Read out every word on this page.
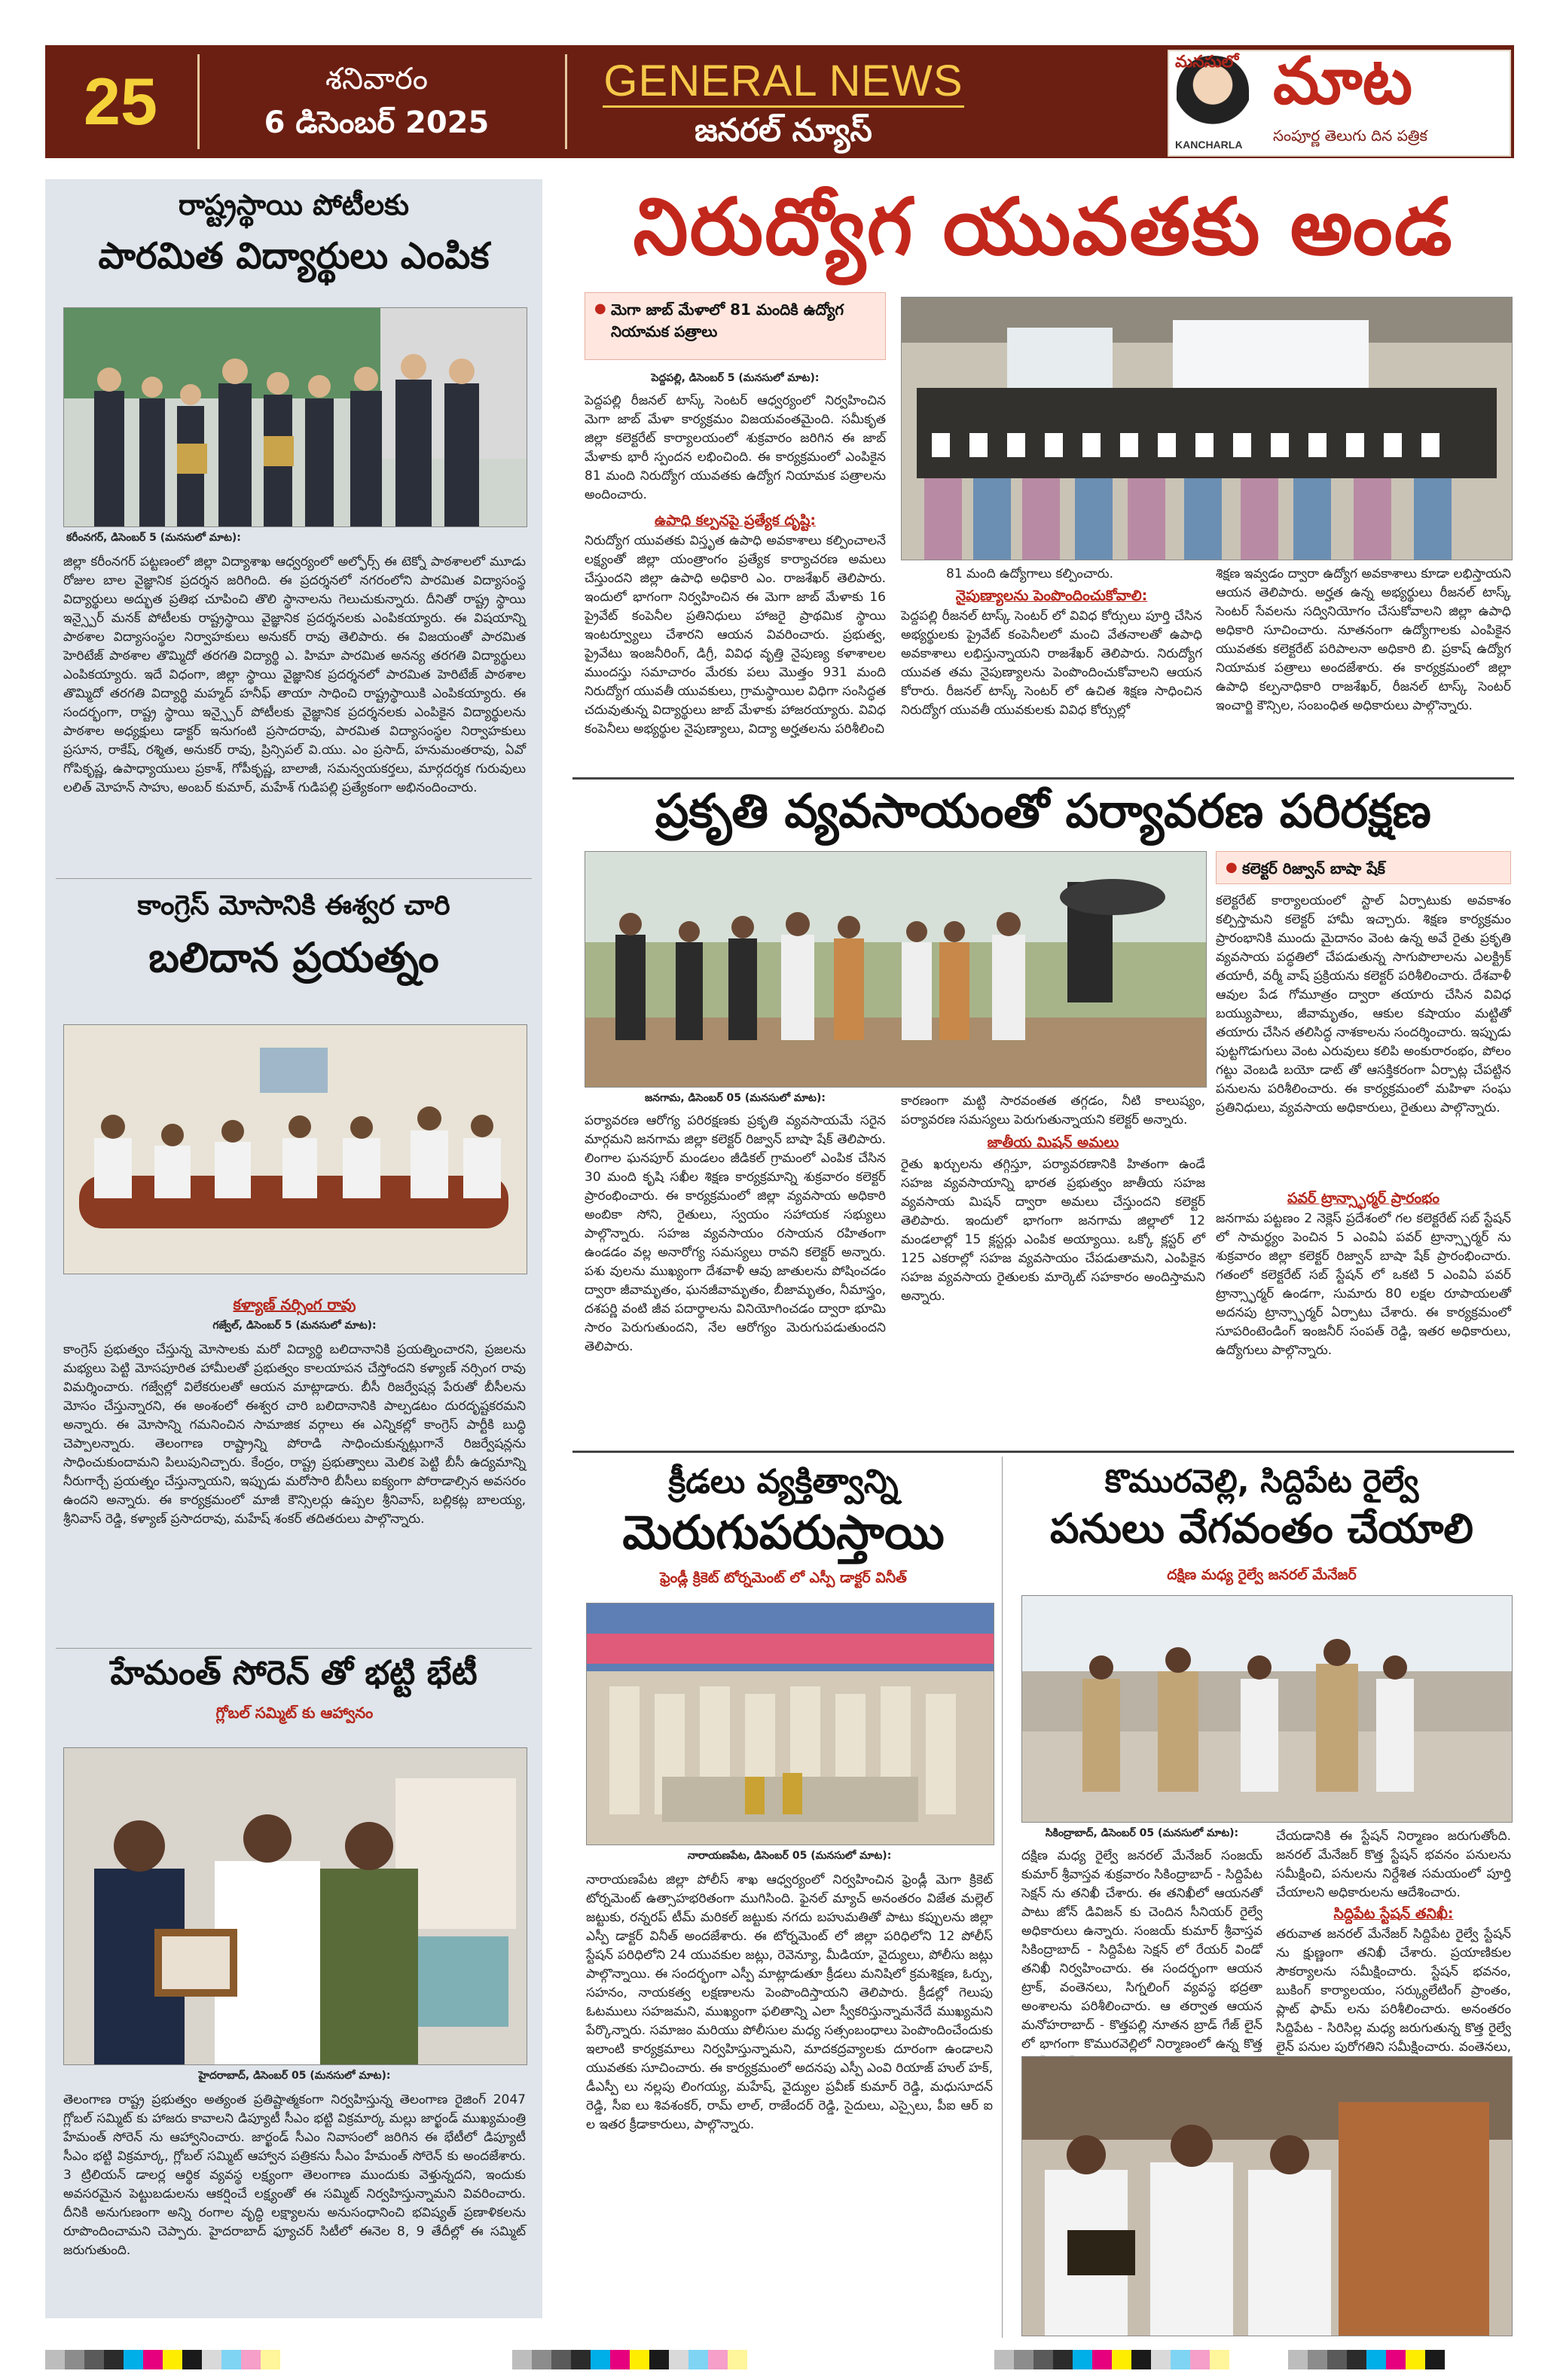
25	శనివారం
6 డిసెంబర్ 2025
GENERAL NEWS
జనరల్ న్యూస్
మనసులో మాట
KANCHARLA సంపూర్ణ తెలుగు దిన పత్రిక
రాష్ట్రస్థాయి పోటీలకు
పారమిత విద్యార్థులు ఎంపిక
కరీంనగర్, డిసెంబర్ 5 (మనసులో మాట):
జిల్లా కరీంనగర్ పట్టణంలో జిల్లా విద్యాశాఖ ఆధ్వర్యంలో అల్ఫోర్స్ ఈ టెక్నో పాఠశాలలో మూడు రోజుల బాల వైజ్ఞానిక ప్రదర్శన జరిగింది. ఈ ప్రదర్శనలో నగరంలోని పారమిత విద్యాసంస్థ విద్యార్థులు అద్భుత ప్రతిభ చూపించి తొలి స్థానాలను గెలుచుకున్నారు. దీనితో రాష్ట్ర స్థాయి ఇన్స్పైర్ మనక్ పోటీలకు రాష్ట్రస్థాయి వైజ్ఞానిక ప్రదర్శనలకు ఎంపికయ్యారు. ఈ విషయాన్ని పాఠశాల విద్యాసంస్థల నిర్వాహకులు అనుకర్ రావు తెలిపారు. ఈ విజయంతో పారమిత హెరిటేజ్ పాఠశాల తొమ్మిదో తరగతి విద్యార్థి ఎ. హిమా పారమిత అనన్య తరగతి విద్యార్థులు ఎంపికయ్యారు. ఇదే విధంగా, జిల్లా స్థాయి వైజ్ఞానిక ప్రదర్శనలో పారమిత హెరిటేజ్ పాఠశాల తొమ్మిదో తరగతి విద్యార్థి మహ్మద్ హనీఫ్ తాయా సాధించి రాష్ట్రస్థాయికి ఎంపికయ్యారు. ఈ సందర్భంగా, రాష్ట్ర స్థాయి ఇన్స్పైర్ పోటీలకు వైజ్ఞానిక ప్రదర్శనలకు ఎంపికైన విద్యార్థులను పాఠశాల అధ్యక్షులు డాక్టర్ ఇనుగంటి ప్రసాదరావు, పారమిత విద్యాసంస్థల నిర్వాహకులు ప్రసూన, రాకేష్, రశ్మిత, అనుకర్ రావు, ప్రిన్సిపల్ వి.యు. ఎం ప్రసాద్, హనుమంతరావు, ఏవో గోపికృష్ణ, ఉపాధ్యాయులు ప్రకాశ్, గోపీకృష్ణ, బాలాజీ, సమన్వయకర్తలు, మార్గదర్శక గురువులు లలిత్ మోహన్ సాహు, అంబర్ కుమార్, మహేశ్ గుడిపల్లి ప్రత్యేకంగా అభినందించారు.
కాంగ్రెస్ మోసానికి ఈశ్వర చారి
బలిదాన ప్రయత్నం
కళ్యాణ్ నర్సింగ రావు
గజ్వేల్, డిసెంబర్ 5 (మనసులో మాట):
కాంగ్రెస్ ప్రభుత్వం చేస్తున్న మోసాలకు మరో విద్యార్థి బలిదానానికి ప్రయత్నించారని, ప్రజలను మభ్యలు పెట్టి మోసపూరిత హామీలతో ప్రభుత్వం కాలయాపన చేస్తోందని కళ్యాణ్ నర్సింగ రావు విమర్శించారు. గజ్వేల్లో విలేకరులతో ఆయన మాట్లాడారు. బీసీ రిజర్వేషన్ల పేరుతో బీసీలను మోసం చేస్తున్నారని, ఈ అంశంలో ఈశ్వర చారి బలిదానానికి పాల్పడటం దురదృష్టకరమని అన్నారు. ఈ మోసాన్ని గమనించిన సామాజిక వర్గాలు ఈ ఎన్నికల్లో కాంగ్రెస్ పార్టీకి బుద్ధి చెప్పాలన్నారు. తెలంగాణ రాష్ట్రాన్ని పోరాడి సాధించుకున్నట్లుగానే రిజర్వేషన్లను సాధించుకుందామని పిలుపునిచ్చారు. కేంద్రం, రాష్ట్ర ప్రభుత్వాలు మెలిక పెట్టి బీసీ ఉద్యమాన్ని నీరుగార్చే ప్రయత్నం చేస్తున్నాయని, ఇప్పుడు మరోసారి బీసీలు ఐక్యంగా పోరాడాల్సిన అవసరం ఉందని అన్నారు. ఈ కార్యక్రమంలో మాజీ కౌన్సిలర్లు ఉప్పల శ్రీనివాస్, బల్లికట్ల బాలయ్య, శ్రీనివాస్ రెడ్డి, కళ్యాణ్ ప్రసాదరావు, మహేష్ శంకర్ తదితరులు పాల్గొన్నారు.
హేమంత్ సోరెన్ తో భట్టి భేటీ
గ్లోబల్ సమ్మిట్ కు ఆహ్వానం
హైదరాబాద్, డిసెంబర్ 05 (మనసులో మాట):
తెలంగాణ రాష్ట్ర ప్రభుత్వం అత్యంత ప్రతిష్టాత్మకంగా నిర్వహిస్తున్న తెలంగాణ రైజింగ్ 2047 గ్లోబల్ సమ్మిట్ కు హాజరు కావాలని డిప్యూటీ సీఎం భట్టి విక్రమార్క మల్లు జార్ఖండ్ ముఖ్యమంత్రి హేమంత్ సోరెన్ ను ఆహ్వానించారు. జార్ఖండ్ సీఎం నివాసంలో జరిగిన ఈ భేటీలో డిప్యూటీ సీఎం భట్టి విక్రమార్క, గ్లోబల్ సమ్మిట్ ఆహ్వాన పత్రికను సీఎం హేమంత్ సోరెన్ కు అందజేశారు. 3 ట్రిలియన్ డాలర్ల ఆర్థిక వ్యవస్థ లక్ష్యంగా తెలంగాణ ముందుకు వెళ్తున్నదని, ఇందుకు అవసరమైన పెట్టుబడులను ఆకర్షించే లక్ష్యంతో ఈ సమ్మిట్ నిర్వహిస్తున్నామని వివరించారు. దీనికి అనుగుణంగా అన్ని రంగాల వృద్ధి లక్ష్యాలను అనుసంధానించి భవిష్యత్ ప్రణాళికలను రూపొందించామని చెప్పారు. హైదరాబాద్ ఫ్యూచర్ సిటీలో ఈనెల 8, 9 తేదీల్లో ఈ సమ్మిట్ జరుగుతుంది.
నిరుద్యోగ యువతకు అండ
● మెగా జాబ్ మేళాలో 81 మందికి ఉద్యోగ నియామక పత్రాలు
పెద్దపల్లి, డిసెంబర్ 5 (మనసులో మాట):
పెద్దపల్లి రీజనల్ టాస్క్ సెంటర్ ఆధ్వర్యంలో నిర్వహించిన మెగా జాబ్ మేళా కార్యక్రమం విజయవంతమైంది. సమీకృత జిల్లా కలెక్టరేట్ కార్యాలయంలో శుక్రవారం జరిగిన ఈ జాబ్ మేళాకు భారీ స్పందన లభించింది. ఈ కార్యక్రమంలో ఎంపికైన 81 మంది నిరుద్యోగ యువతకు ఉద్యోగ నియామక పత్రాలను అందించారు.
ఉపాధి కల్పనపై ప్రత్యేక దృష్టి:
నిరుద్యోగ యువతకు విస్తృత ఉపాధి అవకాశాలు కల్పించాలనే లక్ష్యంతో జిల్లా యంత్రాంగం ప్రత్యేక కార్యాచరణ అమలు చేస్తుందని జిల్లా ఉపాధి అధికారి ఎం. రాజశేఖర్ తెలిపారు. ఇందులో భాగంగా నిర్వహించిన ఈ మెగా జాబ్ మేళాకు 16 ప్రైవేట్ కంపెనీల ప్రతినిధులు హాజరై ప్రాథమిక స్థాయి ఇంటర్వ్యూలు చేశారని ఆయన వివరించారు. ప్రభుత్వ, ప్రైవేటు ఇంజనీరింగ్, డిగ్రీ, వివిధ వృత్తి నైపుణ్య కళాశాలల ముందస్తు సమాచారం మేరకు పలు మొత్తం 931 మంది నిరుద్యోగ యువతీ యువకులు, గ్రామస్థాయిల విధిగా సంసిద్ధత చదువుతున్న విద్యార్థులు జాబ్ మేళాకు హాజరయ్యారు. వివిధ కంపెనీలు అభ్యర్థుల నైపుణ్యాలు, విద్యా అర్హతలను పరిశీలించి
81 మంది ఉద్యోగాలు కల్పించారు.
నైపుణ్యాలను పెంపొందించుకోవాలి:
పెద్దపల్లి రీజనల్ టాస్క్ సెంటర్ లో వివిధ కోర్సులు పూర్తి చేసిన అభ్యర్థులకు ప్రైవేట్ కంపెనీలలో మంచి వేతనాలతో ఉపాధి అవకాశాలు లభిస్తున్నాయని రాజశేఖర్ తెలిపారు. నిరుద్యోగ యువత తమ నైపుణ్యాలను పెంపొందించుకోవాలని ఆయన కోరారు. రీజనల్ టాస్క్ సెంటర్ లో ఉచిత శిక్షణ సాధించిన నిరుద్యోగ యువతీ యువకులకు వివిధ కోర్సుల్లో
శిక్షణ ఇవ్వడం ద్వారా ఉద్యోగ అవకాశాలు కూడా లభిస్తాయని ఆయన తెలిపారు. అర్హత ఉన్న అభ్యర్థులు రీజనల్ టాస్క్ సెంటర్ సేవలను సద్వినియోగం చేసుకోవాలని జిల్లా ఉపాధి అధికారి సూచించారు. నూతనంగా ఉద్యోగాలకు ఎంపికైన యువతకు కలెక్టరేట్ పరిపాలనా అధికారి బి. ప్రకాష్ ఉద్యోగ నియామక పత్రాలు అందజేశారు. ఈ కార్యక్రమంలో జిల్లా ఉపాధి కల్పనాధికారి రాజశేఖర్, రీజనల్ టాస్క్ సెంటర్ ఇంచార్జి కౌన్సిల, సంబంధిత అధికారులు పాల్గొన్నారు.
ప్రకృతి వ్యవసాయంతో పర్యావరణ పరిరక్షణ
● కలెక్టర్ రిజ్వాన్ బాషా షేక్
కలెక్టరేట్ కార్యాలయంలో స్టాల్ ఏర్పాటుకు అవకాశం కల్పిస్తామని కలెక్టర్ హామీ ఇచ్చారు. శిక్షణ కార్యక్రమం ప్రారంభానికి ముందు మైదానం వెంట ఉన్న అవే రైతు ప్రకృతి వ్యవసాయ పద్ధతిలో చేపడుతున్న సాగుపొలాలను ఎలక్ట్రిక్ తయారీ, వర్మీ వాష్ ప్రక్రియను కలెక్టర్ పరిశీలించారు. దేశవాళీ ఆవుల పేడ గోమూత్రం ద్వారా తయారు చేసిన వివిధ బయ్యుపాలు, జీవామృతం, ఆకుల కషాయం మట్టితో తయారు చేసిన తలిసిద్ధ నాశకాలను సందర్శించారు. ఇప్పుడు పుట్టగొడుగులు వెంట ఎరువులు కలిపి అంకురారంభం, పోలం గట్టు వెంబడి బయో డాట్ తో ఆసక్తికరంగా ఏర్పాట్ల చేపట్టిన పనులను పరిశీలించారు. ఈ కార్యక్రమంలో మహిళా సంఘ ప్రతినిధులు, వ్యవసాయ అధికారులు, రైతులు పాల్గొన్నారు.
పవర్ ట్రాన్స్ఫార్మర్ ప్రారంభం
జనగామ పట్టణం 2 నెక్లెస్ ప్రదేశంలో గల కలెక్టరేట్ సబ్ స్టేషన్ లో సామర్థ్యం పెంచిన 5 ఎంవిఏ పవర్ ట్రాన్స్ఫార్మర్ ను శుక్రవారం జిల్లా కలెక్టర్ రిజ్వాన్ బాషా షేక్ ప్రారంభించారు. గతంలో కలెక్టరేట్ సబ్ స్టేషన్ లో ఒకటి 5 ఎంవిఏ పవర్ ట్రాన్స్ఫార్మర్ ఉండగా, సుమారు 80 లక్షల రూపాయలతో అదనపు ట్రాన్స్ఫార్మర్ ఏర్పాటు చేశారు. ఈ కార్యక్రమంలో సూపరింటెండింగ్ ఇంజనీర్ సంపత్ రెడ్డి, ఇతర అధికారులు, ఉద్యోగులు పాల్గొన్నారు.
జనగామ, డిసెంబర్ 05 (మనసులో మాట):
పర్యావరణ ఆరోగ్య పరిరక్షణకు ప్రకృతి వ్యవసాయమే సరైన మార్గమని జనగామ జిల్లా కలెక్టర్ రిజ్వాన్ బాషా షేక్ తెలిపారు. లింగాల ఘనపూర్ మండలం జీడికల్ గ్రామంలో ఎంపిక చేసిన 30 మంది కృషి సఖీల శిక్షణ కార్యక్రమాన్ని శుక్రవారం కలెక్టర్ ప్రారంభించారు. ఈ కార్యక్రమంలో జిల్లా వ్యవసాయ అధికారి అంబికా సోని, రైతులు, స్వయం సహాయక సభ్యులు పాల్గొన్నారు. సహజ వ్యవసాయం రసాయన రహితంగా ఉండడం వల్ల అనారోగ్య సమస్యలు రావని కలెక్టర్ అన్నారు. పశు వులను ముఖ్యంగా దేశవాళీ ఆవు జాతులను పోషించడం ద్వారా జీవామృతం, ఘనజీవామృతం, బీజామృతం, నీమాస్త్రం, దశపర్ణి వంటి జీవ పదార్థాలను వినియోగించడం ద్వారా భూమి సారం పెరుగుతుందని, నేల ఆరోగ్యం మెరుగుపడుతుందని తెలిపారు.
కారణంగా మట్టి సారవంతత తగ్గడం, నీటి కాలుష్యం, పర్యావరణ సమస్యలు పెరుగుతున్నాయని కలెక్టర్ అన్నారు.
జాతీయ మిషన్ అమలు
రైతు ఖర్చులను తగ్గిస్తూ, పర్యావరణానికి హితంగా ఉండే సహజ వ్యవసాయాన్ని భారత ప్రభుత్వం జాతీయ సహజ వ్యవసాయ మిషన్ ద్వారా అమలు చేస్తుందని కలెక్టర్ తెలిపారు. ఇందులో భాగంగా జనగామ జిల్లాలో 12 మండలాల్లో 15 క్లస్టర్లు ఎంపిక అయ్యాయి. ఒక్కో క్లస్టర్ లో 125 ఎకరాల్లో సహజ వ్యవసాయం చేపడుతామని, ఎంపికైన సహజ వ్యవసాయ రైతులకు మార్కెట్ సహకారం అందిస్తామని అన్నారు.
క్రీడలు వ్యక్తిత్వాన్ని
మెరుగుపరుస్తాయి
ఫ్రెండ్లీ క్రికెట్ టోర్నమెంట్ లో ఎస్పీ డాక్టర్ వినీత్
నారాయణపేట, డిసెంబర్ 05 (మనసులో మాట):
నారాయణపేట జిల్లా పోలీస్ శాఖ ఆధ్వర్యంలో నిర్వహించిన ఫ్రెండ్లీ మెగా క్రికెట్ టోర్నమెంట్ ఉత్సాహభరితంగా ముగిసింది. ఫైనల్ మ్యాచ్ అనంతరం విజేత మల్లెల్ జట్టుకు, రన్నరప్ టీమ్ మరికల్ జట్టుకు నగదు బహుమతితో పాటు కప్పులను జిల్లా ఎస్పీ డాక్టర్ వినీత్ అందజేశారు. ఈ టోర్నమెంట్ లో జిల్లా పరిధిలోని 12 పోలీస్ స్టేషన్ పరిధిలోని 24 యువకుల జట్లు, రెవెన్యూ, మీడియా, వైద్యులు, పోలీసు జట్లు పాల్గొన్నాయి. ఈ సందర్భంగా ఎస్పీ మాట్లాడుతూ క్రీడలు మనిషిలో క్రమశిక్షణ, ఓర్పు, సహనం, నాయకత్వ లక్షణాలను పెంపొందిస్తాయని తెలిపారు. క్రీడల్లో గెలుపు ఓటములు సహజమని, ముఖ్యంగా ఫలితాన్ని ఎలా స్వీకరిస్తున్నామనేదే ముఖ్యమని పేర్కొన్నారు. సమాజం మరియు పోలీసుల మధ్య సత్సంబంధాలు పెంపొందించేందుకు ఇలాంటి కార్యక్రమాలు నిర్వహిస్తున్నామని, మాదకద్రవ్యాలకు దూరంగా ఉండాలని యువతకు సూచించారు. ఈ కార్యక్రమంలో అదనపు ఎస్పీ ఎంవి రియాజ్ హుల్ హక్, డీఎస్పీ లు నల్లపు లింగయ్య, మహేష్, వైద్యుల ప్రవీణ్ కుమార్ రెడ్డి, మధుసూదన్ రెడ్డి, సీఐ లు శివశంకర్, రామ్ లాల్, రాజేందర్ రెడ్డి, సైదులు, ఎస్సైలు, పీఐ ఆర్ ఐ ల ఇతర క్రీడాకారులు, పాల్గొన్నారు.
కొమురవెల్లి, సిద్దిపేట రైల్వే
పనులు వేగవంతం చేయాలి
దక్షిణ మధ్య రైల్వే జనరల్ మేనేజర్
సికింద్రాబాద్, డిసెంబర్ 05 (మనసులో మాట):
దక్షిణ మధ్య రైల్వే జనరల్ మేనేజర్ సంజయ్ కుమార్ శ్రీవాస్తవ శుక్రవారం సికింద్రాబాద్ - సిద్దిపేట సెక్షన్ ను తనిఖీ చేశారు. ఈ తనిఖీలో ఆయనతో పాటు జోన్ డివిజన్ కు చెందిన సీనియర్ రైల్వే అధికారులు ఉన్నారు. సంజయ్ కుమార్ శ్రీవాస్తవ సికింద్రాబాద్ - సిద్దిపేట సెక్షన్ లో రేయర్ విండో తనిఖీ నిర్వహించారు. ఈ సందర్భంగా ఆయన ట్రాక్, వంతెనలు, సిగ్నలింగ్ వ్యవస్థ భద్రతా అంశాలను పరిశీలించారు. ఆ తర్వాత ఆయన మనోహరాబాద్ - కొత్తపల్లి నూతన బ్రాడ్ గేజ్ లైన్ లో భాగంగా కొమురవెల్లిలో నిర్మాణంలో ఉన్న కొత్త
చేయడానికి ఈ స్టేషన్ నిర్మాణం జరుగుతోంది. జనరల్ మేనేజర్ కొత్త స్టేషన్ భవనం పనులను సమీక్షించి, పనులను నిర్దేశిత సమయంలో పూర్తి చేయాలని అధికారులను ఆదేశించారు.
సిద్దిపేట స్టేషన్ తనిఖీ:
తరువాత జనరల్ మేనేజర్ సిద్దిపేట రైల్వే స్టేషన్ ను క్షుణ్ణంగా తనిఖీ చేశారు. ప్రయాణికుల సౌకర్యాలను సమీక్షించారు. స్టేషన్ భవనం, బుకింగ్ కార్యాలయం, సర్క్యులేటింగ్ ప్రాంతం, ప్లాట్ ఫామ్ లను పరిశీలించారు. అనంతరం సిద్దిపేట - సిరిసిల్ల మధ్య జరుగుతున్న కొత్త రైల్వే లైన్ పనుల పురోగతిని సమీక్షించారు. వంతెనలు,
